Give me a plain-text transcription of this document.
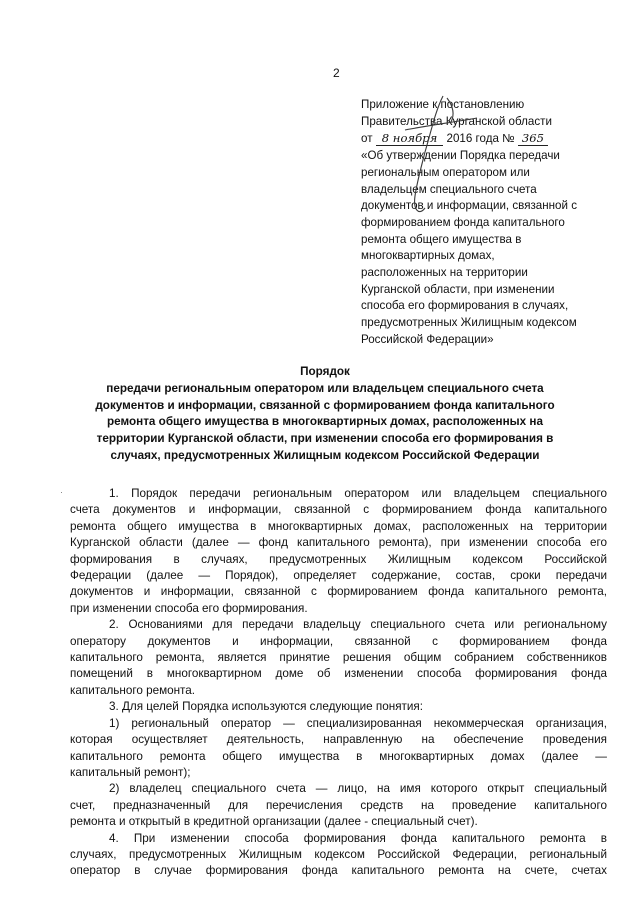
2
Приложение к постановлению
Правительства Курганской области
от 8 ноября 2016 года № 365
«Об утверждении Порядка передачи
региональным оператором или
владельцем специального счета
документов и информации, связанной с
формированием фонда капитального
ремонта общего имущества в
многоквартирных домах,
расположенных на территории
Курганской области, при изменении
способа его формирования в случаях,
предусмотренных Жилищным кодексом
Российской Федерации»
Порядок
передачи региональным оператором или владельцем специального счета
документов и информации, связанной с формированием фонда капитального
ремонта общего имущества в многоквартирных домах, расположенных на
территории Курганской области, при изменении способа его формирования в
случаях, предусмотренных Жилищным кодексом Российской Федерации
·	1. Порядок передачи региональным оператором или владельцем специального

счета документов и информации, связанной с формированием фонда капитального

ремонта общего имущества в многоквартирных домах, расположенных на территории

Курганской области (далее — фонд капитального ремонта), при изменении способа его

формирования в случаях, предусмотренных Жилищным кодексом Российской

Федерации (далее — Порядок), определяет содержание, состав, сроки передачи

документов и информации, связанной с формированием фонда капитального ремонта,

при изменении способа его формирования.

2. Основаниями для передачи владельцу специального счета или региональному

оператору документов и информации, связанной с формированием фонда

капитального ремонта, является принятие решения общим собранием собственников

помещений в многоквартирном доме об изменении способа формирования фонда

капитального ремонта.

3. Для целей Порядка используются следующие понятия:

1) региональный оператор — специализированная некоммерческая организация,

которая осуществляет деятельность, направленную на обеспечение проведения

капитального ремонта общего имущества в многоквартирных домах (далее —

капитальный ремонт);

2) владелец специального счета — лицо, на имя которого открыт специальный

счет, предназначенный для перечисления средств на проведение капитального

ремонта и открытый в кредитной организации (далее - специальный счет).

4. При изменении способа формирования фонда капитального ремонта в

случаях, предусмотренных Жилищным кодексом Российской Федерации, региональный

оператор в случае формирования фонда капитального ремонта на счете, счетах
